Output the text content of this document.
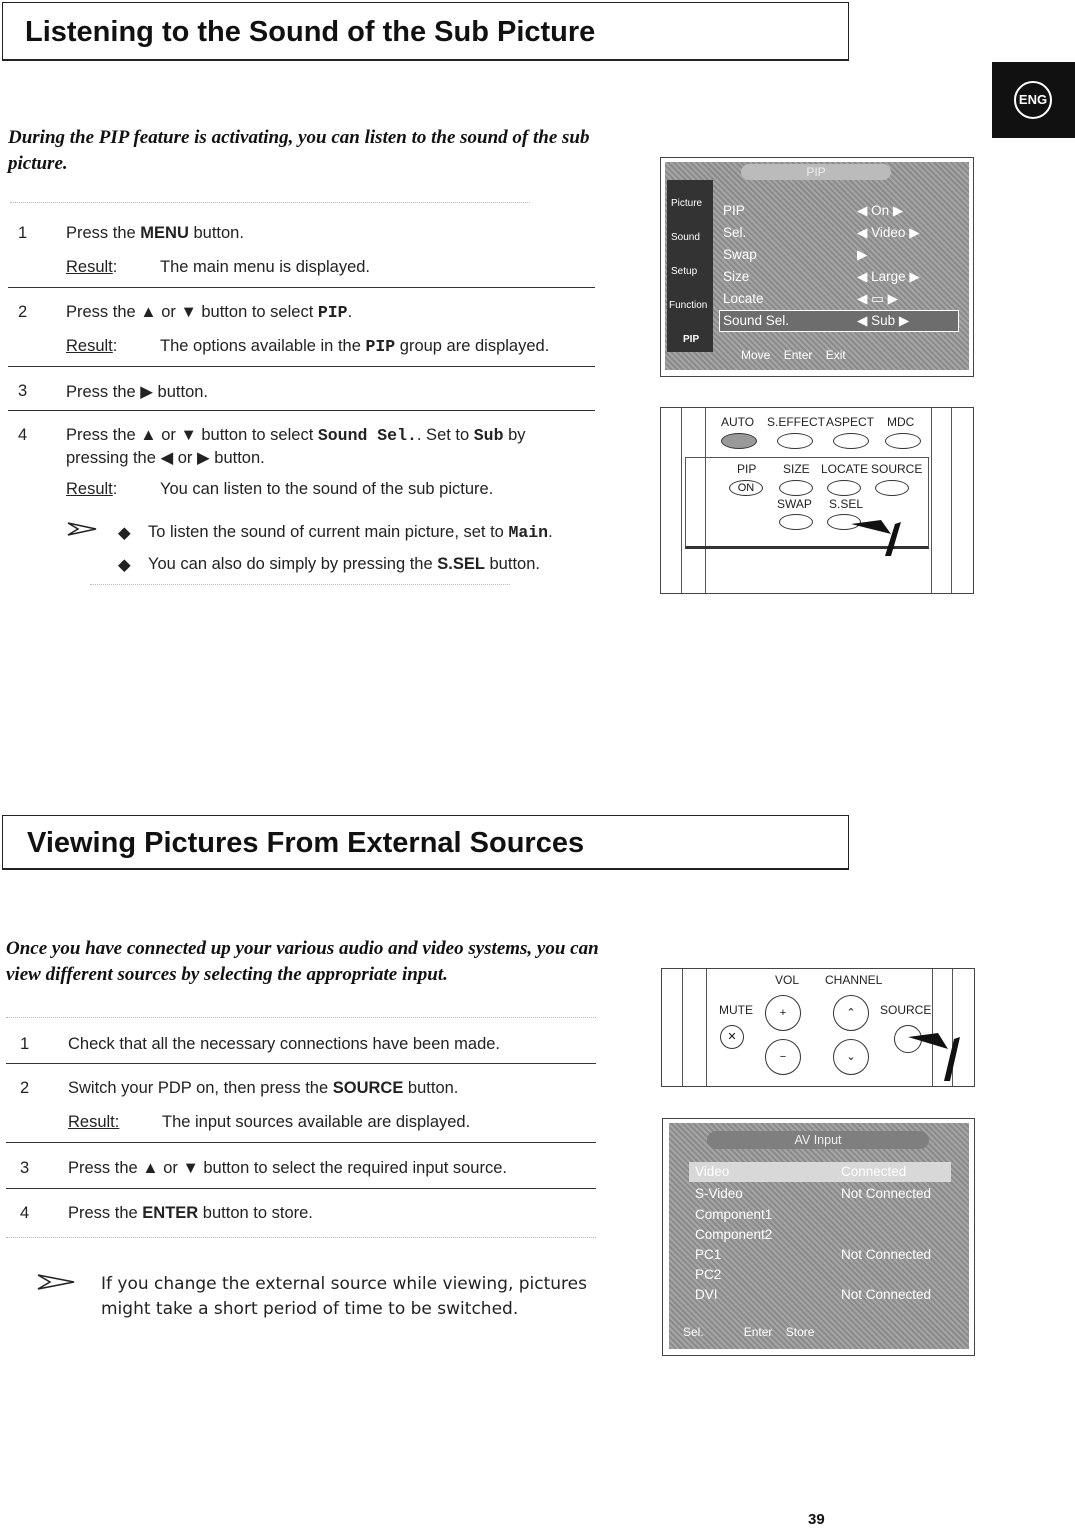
ENG
Listening to the Sound of the Sub Picture
During the PIP feature is activating, you can listen to the sound of the sub picture.
1 Press the MENU button.
Result:	The main menu is displayed.
2 Press the ▲ or ▼ button to select PIP.
Result:	The options available in the PIP group are displayed.
3 Press the ▶ button.
4 Press the ▲ or ▼ button to select Sound Sel.. Set to Sub by
pressing the ◀ or ▶ button.
Result:	You can listen to the sound of the sub picture.
◆ To listen the sound of current main picture, set to Main.
◆ You can also do simply by pressing the S.SEL button.
PIP
Picture
Sound
Setup
Function
PIP
PIP	◀ On ▶
Sel.	◀ Video ▶
Swap	▶
Size	◀ Large ▶
Locate	◀ ▭ ▶
Sound Sel.	◀ Sub ▶
Move Enter Exit
AUTO S.EFFECT ASPECT MDC
PIP SIZE LOCATE SOURCE
ON
SWAP S.SEL
Viewing Pictures From External Sources
Once you have connected up your various audio and video systems, you can view different sources by selecting the appropriate input.
1 Check that all the necessary connections have been made.
2 Switch your PDP on, then press the SOURCE button.
Result:	The input sources available are displayed.
3 Press the ▲ or ▼ button to select the required input source.
4 Press the ENTER button to store.
If you change the external source while viewing, pictures might take a short period of time to be switched.
VOL CHANNEL
MUTE	SOURCE
+	⌃
✕
−	⌄
AV Input
Video	Connected
S-Video	Not Connected
Component1
Component2
PC1	Not Connected
PC2
DVI	Not Connected
Sel.	Enter Store
39
